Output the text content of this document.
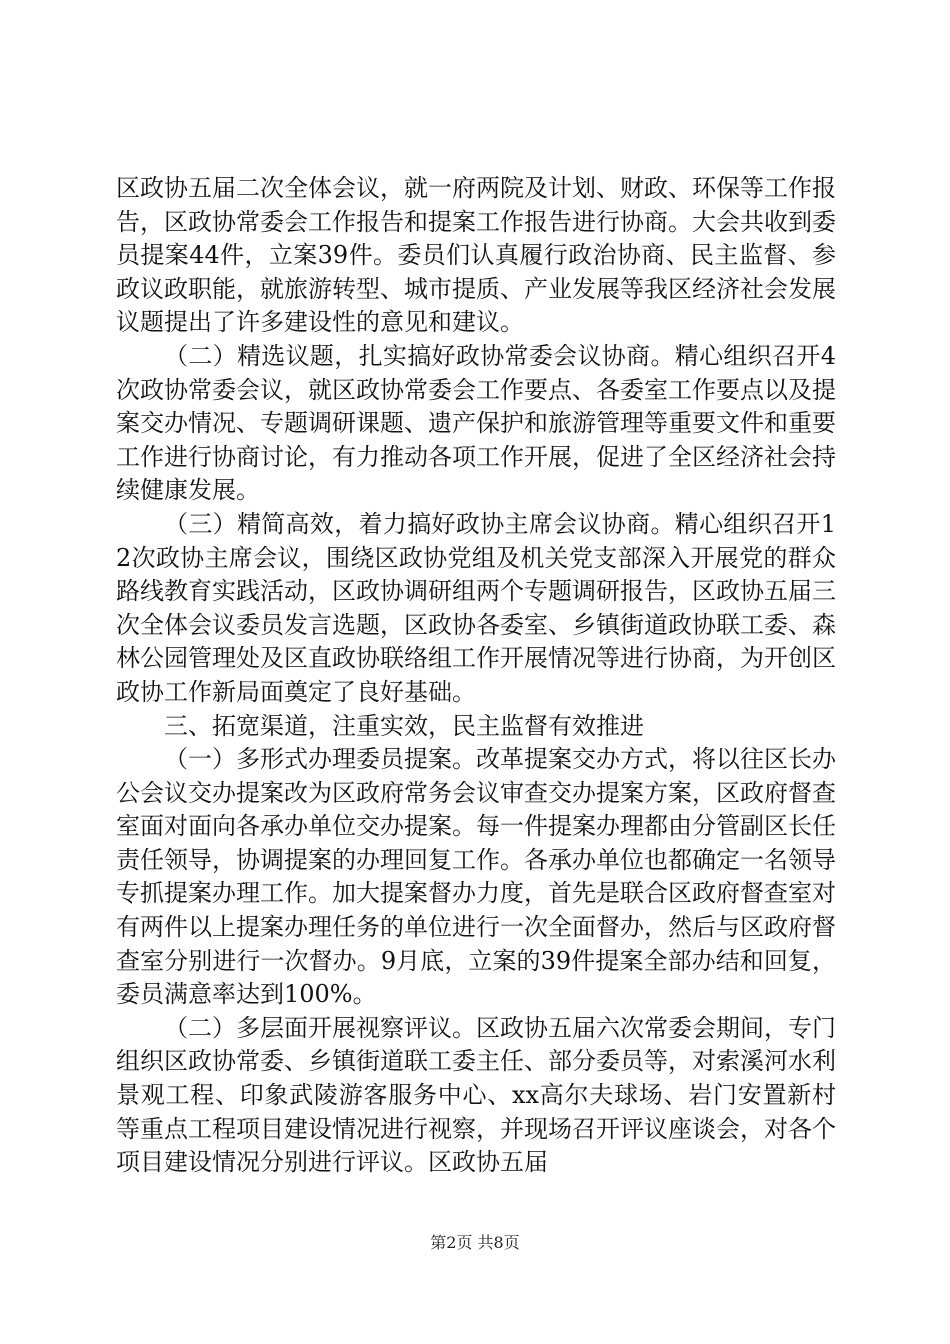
区政协五届二次全体会议，就一府两院及计划、财政、环保等工作报告，区政协常委会工作报告和提案工作报告进行协商。大会共收到委员提案44件，立案39件。委员们认真履行政治协商、民主监督、参政议政职能，就旅游转型、城市提质、产业发展等我区经济社会发展议题提出了许多建设性的意见和建议。

（二）精选议题，扎实搞好政协常委会议协商。精心组织召开4次政协常委会议，就区政协常委会工作要点、各委室工作要点以及提案交办情况、专题调研课题、遗产保护和旅游管理等重要文件和重要工作进行协商讨论，有力推动各项工作开展，促进了全区经济社会持续健康发展。

（三）精简高效，着力搞好政协主席会议协商。精心组织召开12次政协主席会议，围绕区政协党组及机关党支部深入开展党的群众路线教育实践活动，区政协调研组两个专题调研报告，区政协五届三次全体会议委员发言选题，区政协各委室、乡镇街道政协联工委、森林公园管理处及区直政协联络组工作开展情况等进行协商，为开创区政协工作新局面奠定了良好基础。

三、拓宽渠道，注重实效，民主监督有效推进

（一）多形式办理委员提案。改革提案交办方式，将以往区长办公会议交办提案改为区政府常务会议审查交办提案方案，区政府督查室面对面向各承办单位交办提案。每一件提案办理都由分管副区长任责任领导，协调提案的办理回复工作。各承办单位也都确定一名领导专抓提案办理工作。加大提案督办力度，首先是联合区政府督查室对有两件以上提案办理任务的单位进行一次全面督办，然后与区政府督查室分别进行一次督办。9月底，立案的39件提案全部办结和回复，委员满意率达到100%。

（二）多层面开展视察评议。区政协五届六次常委会期间，专门组织区政协常委、乡镇街道联工委主任、部分委员等，对索溪河水利景观工程、印象武陵游客服务中心、xx高尔夫球场、岩门安置新村等重点工程项目建设情况进行视察，并现场召开评议座谈会，对各个项目建设情况分别进行评议。区政协五届

第2页 共8页
